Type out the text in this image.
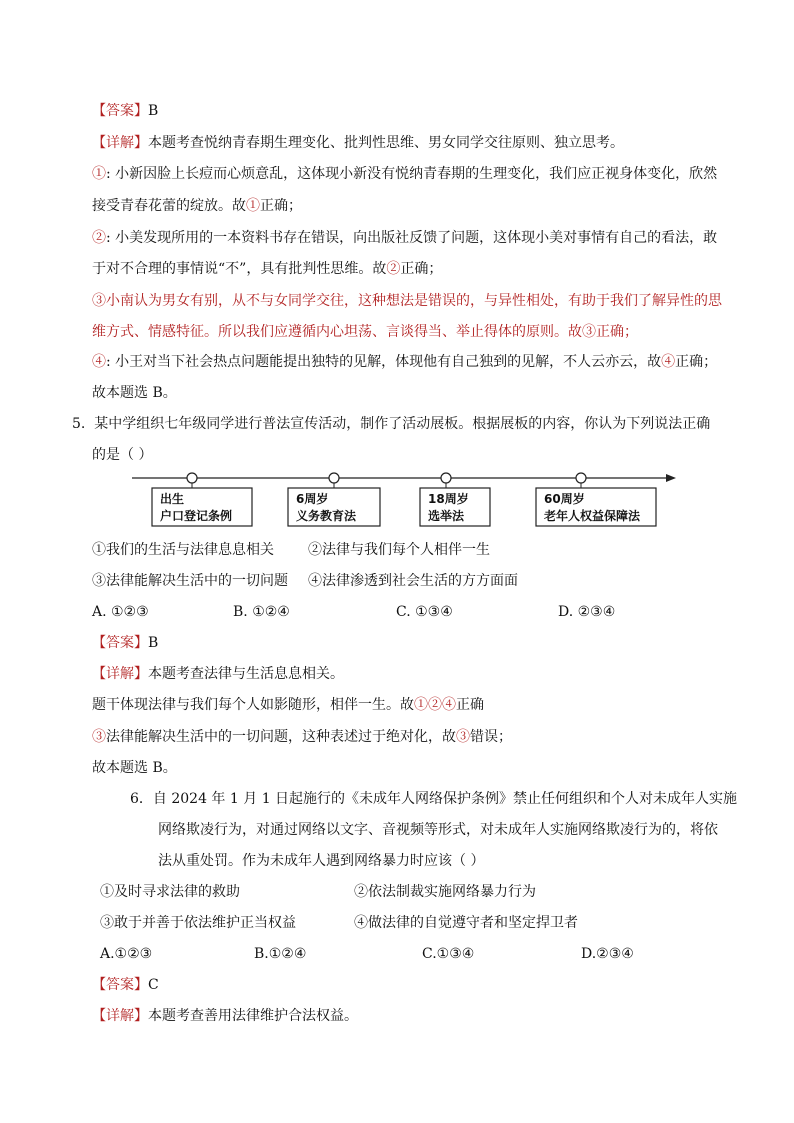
【答案】B
【详解】本题考查悦纳青春期生理变化、批判性思维、男女同学交往原则、独立思考。
①: 小新因脸上长痘而心烦意乱，这体现小新没有悦纳青春期的生理变化，我们应正视身体变化，欣然
接受青春花蕾的绽放。故①正确；
②: 小美发现所用的一本资料书存在错误，向出版社反馈了问题，这体现小美对事情有自己的看法，敢
于对不合理的事情说“不”，具有批判性思维。故②正确；
③小南认为男女有别，从不与女同学交往，这种想法是错误的，与异性相处，有助于我们了解异性的思
维方式、情感特征。所以我们应遵循内心坦荡、言谈得当、举止得体的原则。故③正确；
④: 小王对当下社会热点问题能提出独特的见解，体现他有自己独到的见解，不人云亦云，故④正确；
故本题选 B。
5. 某中学组织七年级同学进行普法宣传活动，制作了活动展板。根据展板的内容，你认为下列说法正确
的是（ ）
出生
户口登记条例
6周岁
义务教育法
18周岁
选举法
60周岁
老年人权益保障法
①我们的生活与法律息息相关 ②法律与我们每个人相伴一生
③法律能解决生活中的一切问题 ④法律渗透到社会生活的方方面面
A. ①②③	B. ①②④	C. ①③④	D. ②③④
【答案】B
【详解】本题考查法律与生活息息相关。
题干体现法律与我们每个人如影随形，相伴一生。故①②④正确
③法律能解决生活中的一切问题，这种表述过于绝对化，故③错误；
故本题选 B。
6．自 2024 年 1 月 1 日起施行的《未成年人网络保护条例》禁止任何组织和个人对未成年人实施
网络欺凌行为，对通过网络以文字、音视频等形式，对未成年人实施网络欺凌行为的，将依
法从重处罚。作为未成年人遇到网络暴力时应该（ ）
①及时寻求法律的救助	②依法制裁实施网络暴力行为
③敢于并善于依法维护正当权益	④做法律的自觉遵守者和坚定捍卫者
A.①②③	B.①②④	C.①③④	D.②③④
【答案】C
【详解】本题考查善用法律维护合法权益。
